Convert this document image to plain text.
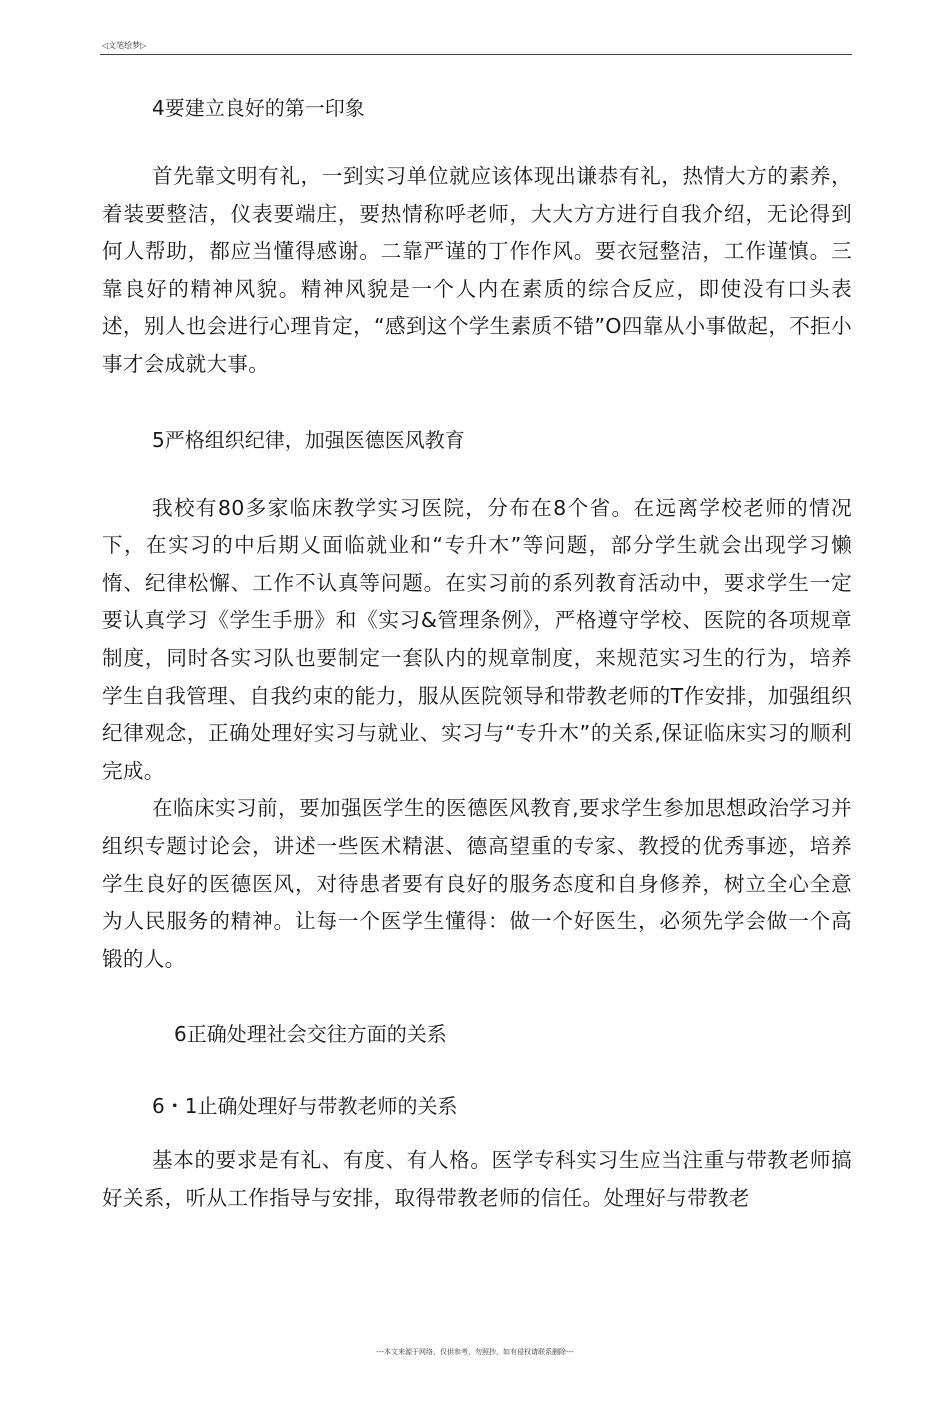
◁文笔绘梦▷

4要建立良好的第一印象

首先靠文明有礼，一到实习单位就应该体现出谦恭有礼，热情大方的素养，着装要整洁，仪表要端庄，要热情称呼老师，大大方方进行自我介绍，无论得到何人帮助，都应当懂得感谢。二靠严谨的丁作作风。要衣冠整洁，工作谨慎。三靠良好的精神风貌。精神风貌是一个人内在素质的综合反应，即使没有口头表述，别人也会进行心理肯定，“感到这个学生素质不错”O四靠从小事做起，不拒小事才会成就大事。

5严格组织纪律，加强医德医风教育

我校有80多家临床教学实习医院，分布在8个省。在远离学校老师的情况下，在实习的中后期乂面临就业和“专升木”等问题，部分学生就会出现学习懒惰、纪律松懈、工作不认真等问题。在实习前的系列教育活动中，要求学生一定要认真学习《学生手册》和《实习&管理条例》，严格遵守学校、医院的各项规章制度，同时各实习队也要制定一套队内的规章制度，来规范实习生的行为，培养学生自我管理、自我约束的能力，服从医院领导和带教老师的T作安排，加强组织纪律观念，正确处理好实习与就业、实习与“专升木”的关系,保证临床实习的顺利完成。

在临床实习前，要加强医学生的医德医风教育,要求学生参加思想政治学习并组织专题讨论会，讲述一些医术精湛、德高望重的专家、教授的优秀事迹，培养学生良好的医德医风，对待患者要有良好的服务态度和自身修养，树立全心全意为人民服务的精神。让每一个医学生懂得：做一个好医生，必须先学会做一个高锻的人。

6正确处理社会交往方面的关系

6・1止确处理好与带教老师的关系

基本的要求是有礼、有度、有人格。医学专科实习生应当注重与带教老师搞好关系，听从工作指导与安排，取得带教老师的信任。处理好与带教老

---本文来源于网络，仅供参考，勿照抄，如有侵权请联系删除---
